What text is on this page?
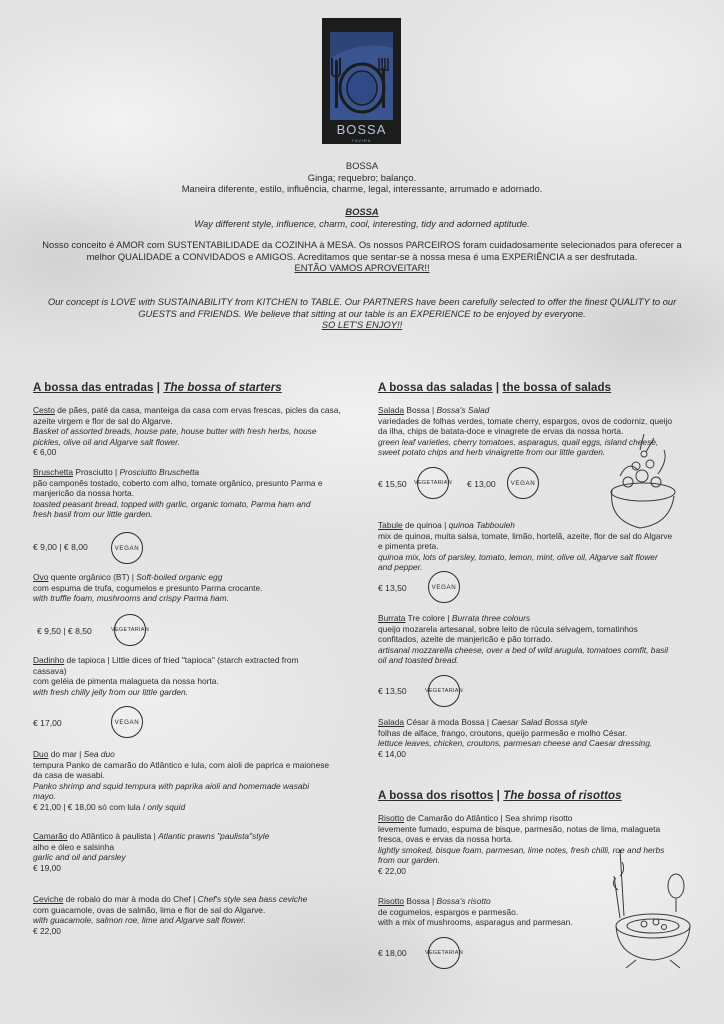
BOSSA
TAVIRA

BOSSA

Ginga; requebro; balanço.

Maneira diferente, estilo, influência, charme, legal, interessante, arrumado e adornado.

BOSSA

Way different style, influence, charm, cool, interesting, tidy and adorned aptitude.

Nosso conceito é AMOR com SUSTENTABILIDADE da COZINHA à MESA. Os nossos PARCEIROS foram cuidadosamente selecionados para oferecer a

melhor QUALIDADE a CONVIDADOS e AMIGOS. Acreditamos que sentar-se à nossa mesa é uma EXPERIÊNCIA a ser desfrutada.

ENTÃO VAMOS APROVEITAR!!

Our concept is LOVE with SUSTAINABILITY from KITCHEN to TABLE. Our PARTNERS have been carefully selected to offer the finest QUALITY to our

GUESTS and FRIENDS. We believe that sitting at our table is an EXPERIENCE to be enjoyed by everyone.

SO LET'S ENJOY!!

A bossa das entradas | The bossa of starters

Cesto de pães, paté da casa, manteiga da casa com ervas frescas, picles da casa,

azeite virgem e flor de sal do Algarve.

Basket of assorted breads, house pate, house butter with fresh herbs, house

pickles, olive oil and Algarve salt flower.

€ 6,00

Bruschetta Prosciutto | Prosciutto Bruschetta

pão camponês tostado, coberto com alho, tomate orgânico, presunto Parma e

manjericão da nossa horta.

toasted peasant bread, topped with garlic, organic tomato, Parma ham and

fresh basil from our little garden.

€ 9,00 | € 8,00	VEGAN

Ovo quente orgânico (BT) | Soft-boiled organic egg

com espuma de trufa, cogumelos e presunto Parma crocante.

with truffle foam, mushrooms and crispy Parma ham.

€ 9,50 | € 8,50	VEGETARIAN

Dadinho de tapioca | Little dices of fried "tapioca" (starch extracted from

cassava)

com geléia de pimenta malagueta da nossa horta.

with fresh chilly jelly from our little garden.

€ 17,00	VEGAN

Duo do mar | Sea duo

tempura Panko de camarão do Atlântico e lula, com aioli de paprica e maionese

da casa de wasabi.

Panko shrimp and squid tempura with paprika aioli and homemade wasabi

mayo.

€ 21,00 | € 18,00 só com lula / only squid

Camarão do Atlântico à paulista | Atlantic prawns "paulista"style

alho e óleo e salsinha

garlic and oil and parsley

€ 19,00

Ceviche de robalo do mar à moda do Chef | Chef's style sea bass ceviche

com guacamole, ovas de salmão, lima e flor de sal do Algarve.

with guacamole, salmon roe, lime and Algarve salt flower.

€ 22,00

A bossa das saladas | the bossa of salads

Salada Bossa | Bossa's Salad

variedades de folhas verdes, tomate cherry, espargos, ovos de codorniz, queijo

da ilha, chips de batata-doce e vinagrete de ervas da nossa horta.

green leaf varieties, cherry tomatoes, asparagus, quail eggs, island cheese,

sweet potato chips and herb vinaigrette from our little garden.

€ 15,50 VEGETARIAN € 13,00	VEGAN

Tabule de quinoa | quinoa Tabbouleh

mix de quinoa, muita salsa, tomate, limão, hortelã, azeite, flor de sal do Algarve

e pimenta preta.

quinoa mix, lots of parsley, tomato, lemon, mint, olive oil, Algarve salt flower

and pepper.

€ 13,50	VEGAN

Burrata Tre colore | Burrata three colours

queijo mozarela artesanal, sobre leito de rúcula selvagem, tomatinhos

confitados, azeite de manjericão e pão torrado.

artisanal mozzarella cheese, over a bed of wild arugula, tomatoes comfit, basil

oil and toasted bread.

€ 13,50	VEGETARIAN

Salada César à moda Bossa | Caesar Salad Bossa style

folhas de alface, frango, croutons, queijo parmesão e molho César.

lettuce leaves, chicken, croutons, parmesan cheese and Caesar dressing.

€ 14,00

A bossa dos risottos | The bossa of risottos

Risotto de Camarão do Atlântico | Sea shrimp risotto

levemente fumado, espuma de bisque, parmesão, notas de lima, malagueta

fresca, ovas e ervas da nossa horta.

lightly smoked, bisque foam, parmesan, lime notes, fresh chilli, roe and herbs

from our garden.

€ 22,00

Risotto Bossa | Bossa's risotto

de cogumelos, espargos e parmesão.

with a mix of mushrooms, asparagus and parmesan.

€ 18,00	VEGETARIAN
